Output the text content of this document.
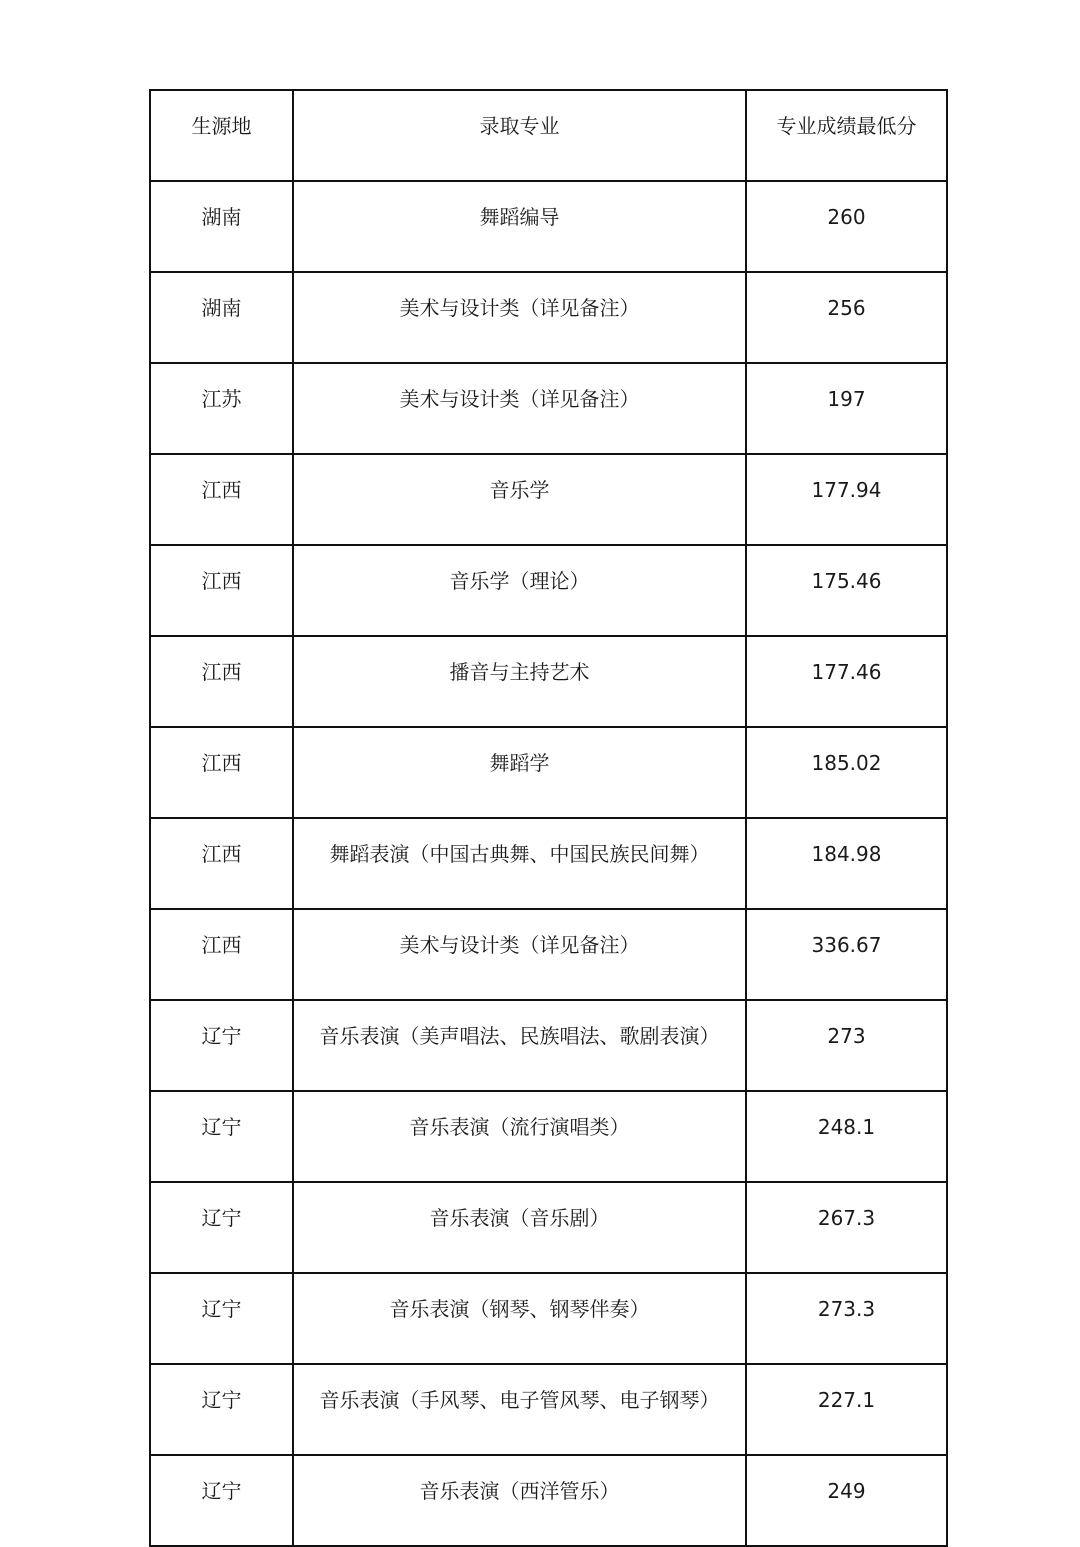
生源地	录取专业	专业成绩最低分
湖南	舞蹈编导	260
湖南	美术与设计类（详见备注）	256
江苏	美术与设计类（详见备注）	197
江西	音乐学	177.94
江西	音乐学（理论）	175.46
江西	播音与主持艺术	177.46
江西	舞蹈学	185.02
江西	舞蹈表演（中国古典舞、中国民族民间舞）	184.98
江西	美术与设计类（详见备注）	336.67
辽宁	音乐表演（美声唱法、民族唱法、歌剧表演）	273
辽宁	音乐表演（流行演唱类）	248.1
辽宁	音乐表演（音乐剧）	267.3
辽宁	音乐表演（钢琴、钢琴伴奏）	273.3
辽宁	音乐表演（手风琴、电子管风琴、电子钢琴）	227.1
辽宁	音乐表演（西洋管乐）	249
